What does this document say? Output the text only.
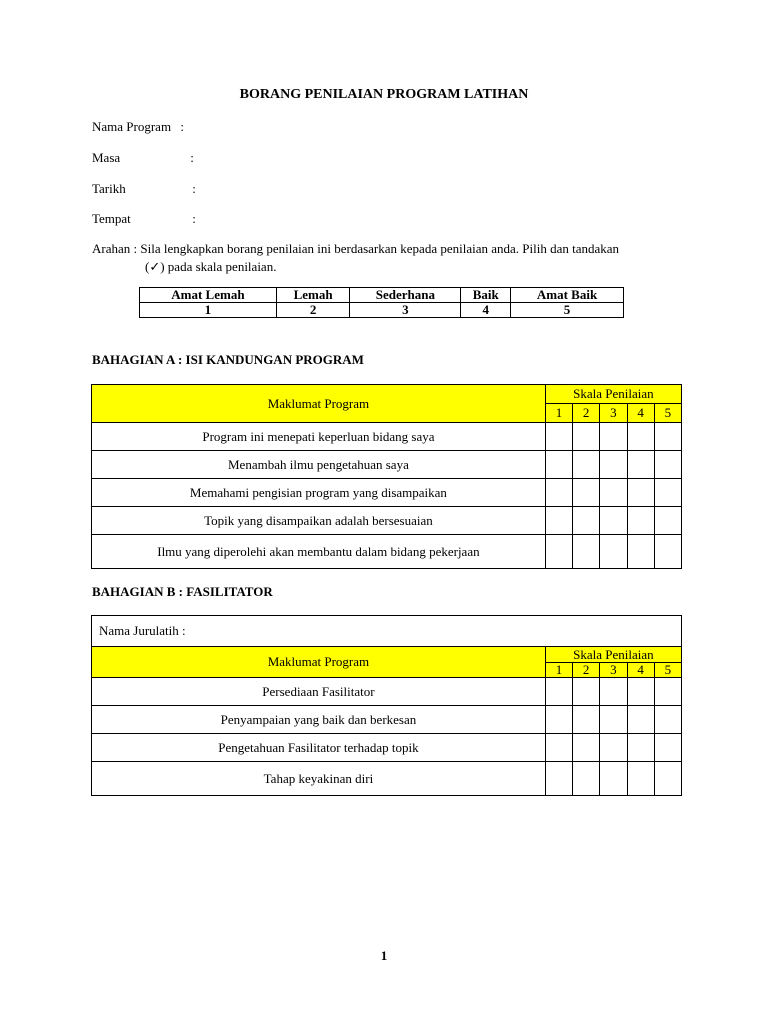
BORANG PENILAIAN PROGRAM LATIHAN
Nama Program :
Masa	:
Tarikh	:
Tempat	:
Arahan : Sila lengkapkan borang penilaian ini berdasarkan kepada penilaian anda. Pilih dan tandakan
(✓) pada skala penilaian.
Amat Lemah	Lemah	Sederhana	Baik	Amat Baik
1	2	3	4	5
BAHAGIAN A : ISI KANDUNGAN PROGRAM
Maklumat Program	Skala Penilaian				
	1	2	3	4	5
Program ini menepati keperluan bidang saya					
Menambah ilmu pengetahuan saya					
Memahami pengisian program yang disampaikan					
Topik yang disampaikan adalah bersesuaian					
Ilmu yang diperolehi akan membantu dalam bidang pekerjaan					
BAHAGIAN B : FASILITATOR
Nama Jurulatih :					
Maklumat Program	Skala Penilaian				
	1	2	3	4	5
Persediaan Fasilitator					
Penyampaian yang baik dan berkesan					
Pengetahuan Fasilitator terhadap topik					
Tahap keyakinan diri					
1
